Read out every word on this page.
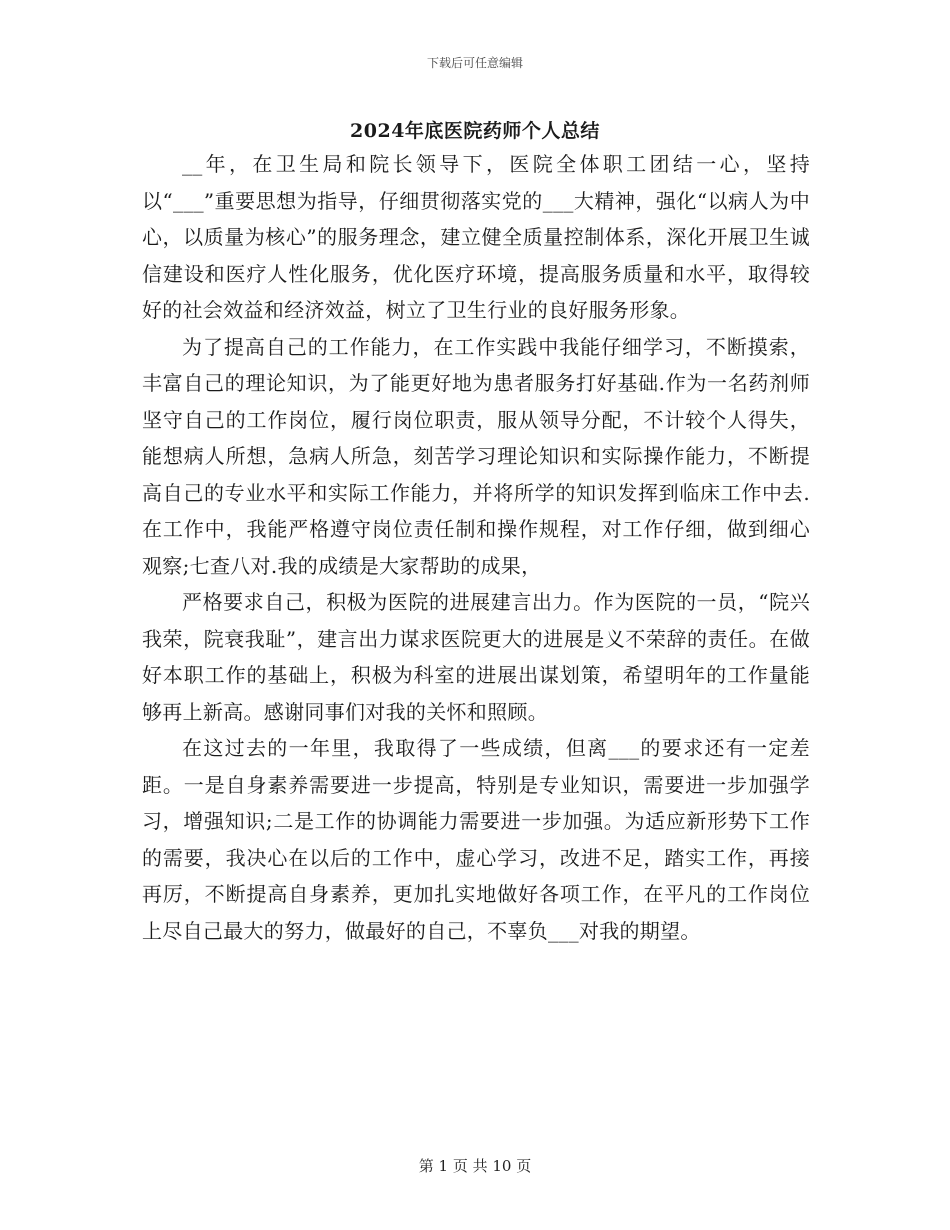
下载后可任意编辑
2024年底医院药师个人总结

__年，在卫生局和院长领导下，医院全体职工团结一心，坚持以“___”重要思想为指导，仔细贯彻落实党的___大精神，强化“以病人为中心，以质量为核心”的服务理念，建立健全质量控制体系，深化开展卫生诚信建设和医疗人性化服务，优化医疗环境，提高服务质量和水平，取得较好的社会效益和经济效益，树立了卫生行业的良好服务形象。

为了提高自己的工作能力，在工作实践中我能仔细学习，不断摸索，丰富自己的理论知识，为了能更好地为患者服务打好基础.作为一名药剂师坚守自己的工作岗位，履行岗位职责，服从领导分配，不计较个人得失，能想病人所想，急病人所急，刻苦学习理论知识和实际操作能力，不断提高自己的专业水平和实际工作能力，并将所学的知识发挥到临床工作中去.在工作中，我能严格遵守岗位责任制和操作规程，对工作仔细，做到细心观察;七查八对.我的成绩是大家帮助的成果，

严格要求自己，积极为医院的进展建言出力。作为医院的一员，“院兴我荣，院衰我耻”，建言出力谋求医院更大的进展是义不荣辞的责任。在做好本职工作的基础上，积极为科室的进展出谋划策，希望明年的工作量能够再上新高。感谢同事们对我的关怀和照顾。

在这过去的一年里，我取得了一些成绩，但离___的要求还有一定差距。一是自身素养需要进一步提高，特别是专业知识，需要进一步加强学习，增强知识;二是工作的协调能力需要进一步加强。为适应新形势下工作的需要，我决心在以后的工作中，虚心学习，改进不足，踏实工作，再接再厉，不断提高自身素养，更加扎实地做好各项工作，在平凡的工作岗位上尽自己最大的努力，做最好的自己，不辜负___对我的期望。

第 1 页 共 10 页
